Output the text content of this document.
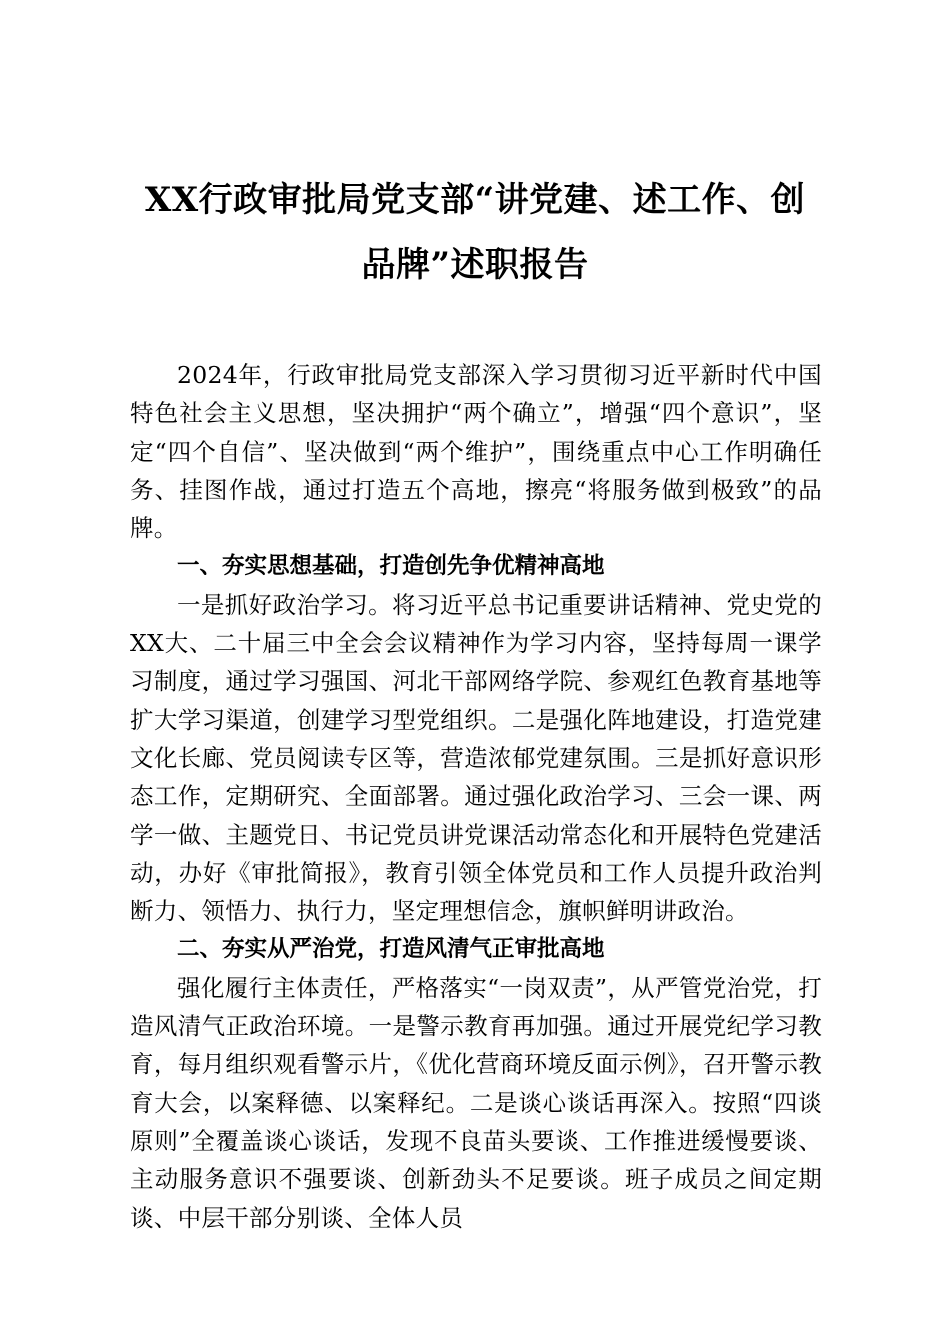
XX行政审批局党支部“讲党建、述工作、创
品牌”述职报告

2024年，行政审批局党支部深入学习贯彻习近平新时代中国特色社会主义思想，坚决拥护“两个确立”，增强“四个意识”，坚定“四个自信”、坚决做到“两个维护”，围绕重点中心工作明确任务、挂图作战，通过打造五个高地，擦亮“将服务做到极致”的品牌。

一、夯实思想基础，打造创先争优精神高地

一是抓好政治学习。将习近平总书记重要讲话精神、党史党的XX大、二十届三中全会会议精神作为学习内容，坚持每周一课学习制度，通过学习强国、河北干部网络学院、参观红色教育基地等扩大学习渠道，创建学习型党组织。二是强化阵地建设，打造党建文化长廊、党员阅读专区等，营造浓郁党建氛围。三是抓好意识形态工作，定期研究、全面部署。通过强化政治学习、三会一课、两学一做、主题党日、书记党员讲党课活动常态化和开展特色党建活动，办好《审批简报》，教育引领全体党员和工作人员提升政治判断力、领悟力、执行力，坚定理想信念，旗帜鲜明讲政治。

二、夯实从严治党，打造风清气正审批高地

强化履行主体责任，严格落实“一岗双责”，从严管党治党，打造风清气正政治环境。一是警示教育再加强。通过开展党纪学习教育，每月组织观看警示片，《优化营商环境反面示例》，召开警示教育大会，以案释德、以案释纪。二是谈心谈话再深入。按照“四谈原则”全覆盖谈心谈话，发现不良苗头要谈、工作推进缓慢要谈、主动服务意识不强要谈、创新劲头不足要谈。班子成员之间定期谈、中层干部分别谈、全体人员
